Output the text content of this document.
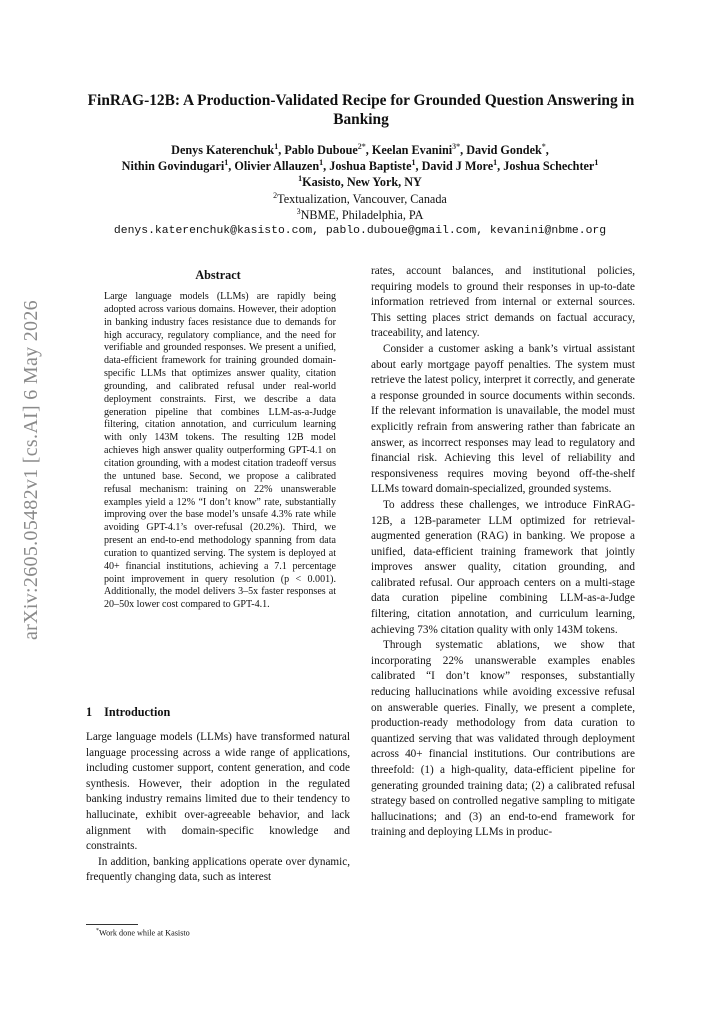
arXiv:2605.05482v1 [cs.AI] 6 May 2026
FinRAG-12B: A Production-Validated Recipe for Grounded Question Answering in Banking
Denys Katerenchuk$^1$, Pablo Duboue$^{2*}$, Keelan Evanini$^{3*}$, David Gondek*,
Nithin Govindugari$^1$, Olivier Allauzen$^1$, Joshua Baptiste$^1$, David J More$^1$, Joshua Schechter$^1$
$^1$Kasisto, New York, NY
$^2$Textualization, Vancouver, Canada
$^3$NBME, Philadelphia, PA
denys.katerenchuk@kasisto.com, pablo.duboue@gmail.com, kevanini@nbme.org
Abstract
Large language models (LLMs) are rapidly being adopted across various domains. However, their adoption in banking industry faces resistance due to demands for high accuracy, regulatory compliance, and the need for verifiable and grounded responses. We present a unified, data-efficient framework for training grounded domain-specific LLMs that optimizes answer quality, citation grounding, and calibrated refusal under real-world deployment constraints. First, we describe a data generation pipeline that combines LLM-as-a-Judge filtering, citation annotation, and curriculum learning with only 143M tokens. The resulting 12B model achieves high answer quality outperforming GPT-4.1 on citation grounding, with a modest citation tradeoff versus the untuned base. Second, we propose a calibrated refusal mechanism: training on 22% unanswerable examples yield a 12% “I don’t know” rate, substantially improving over the base model’s unsafe 4.3% rate while avoiding GPT-4.1’s over-refusal (20.2%). Third, we present an end-to-end methodology spanning from data curation to quantized serving. The system is deployed at 40+ financial institutions, achieving a 7.1 percentage point improvement in query resolution (p < 0.001). Additionally, the model delivers 3–5x faster responses at 20–50x lower cost compared to GPT-4.1.
1 Introduction

Large language models (LLMs) have transformed natural language processing across a wide range of applications, including customer support, content generation, and code synthesis. However, their adoption in the regulated banking industry remains limited due to their tendency to hallucinate, exhibit over-agreeable behavior, and lack alignment with domain-specific knowledge and constraints.

In addition, banking applications operate over dynamic, frequently changing data, such as interest

*Work done while at Kasisto

rates, account balances, and institutional policies, requiring models to ground their responses in up-to-date information retrieved from internal or external sources. This setting places strict demands on factual accuracy, traceability, and latency.

Consider a customer asking a bank’s virtual assistant about early mortgage payoff penalties. The system must retrieve the latest policy, interpret it correctly, and generate a response grounded in source documents within seconds. If the relevant information is unavailable, the model must explicitly refrain from answering rather than fabricate an answer, as incorrect responses may lead to regulatory and financial risk. Achieving this level of reliability and responsiveness requires moving beyond off-the-shelf LLMs toward domain-specialized, grounded systems.

To address these challenges, we introduce FinRAG-12B, a 12B-parameter LLM optimized for retrieval-augmented generation (RAG) in banking. We propose a unified, data-efficient training framework that jointly improves answer quality, citation grounding, and calibrated refusal. Our approach centers on a multi-stage data curation pipeline combining LLM-as-a-Judge filtering, citation annotation, and curriculum learning, achieving 73% citation quality with only 143M tokens.

Through systematic ablations, we show that incorporating 22% unanswerable examples enables calibrated “I don’t know” responses, substantially reducing hallucinations while avoiding excessive refusal on answerable queries. Finally, we present a complete, production-ready methodology from data curation to quantized serving that was validated through deployment across 40+ financial institutions. Our contributions are threefold: (1) a high-quality, data-efficient pipeline for generating grounded training data; (2) a calibrated refusal strategy based on controlled negative sampling to mitigate hallucinations; and (3) an end-to-end framework for training and deploying LLMs in produc-
